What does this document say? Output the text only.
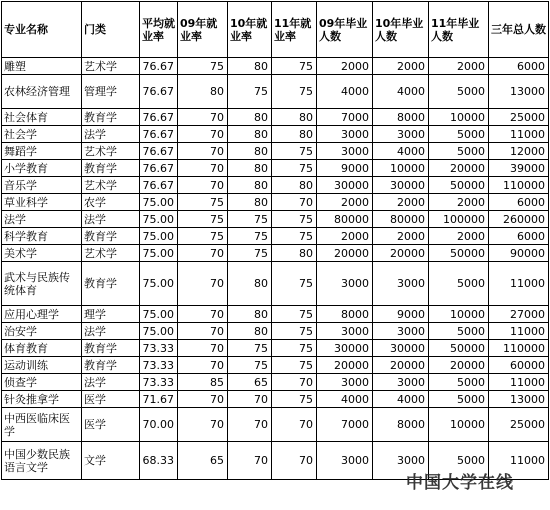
专业名称	门类	平均就业率	09年就业率	10年就业率	11年就业率	09年毕业人数	10年毕业人数	11年毕业人数	三年总人数
雕塑	艺术学	76.67	75	80	75	2000	2000	2000	6000
农林经济管理	管理学	76.67	80	75	75	4000	4000	5000	13000
社会体育	教育学	76.67	70	80	80	7000	8000	10000	25000
社会学	法学	76.67	70	80	80	3000	3000	5000	11000
舞蹈学	艺术学	76.67	70	80	75	3000	4000	5000	12000
小学教育	教育学	76.67	70	80	75	9000	10000	20000	39000
音乐学	艺术学	76.67	70	80	80	30000	30000	50000	110000
草业科学	农学	75.00	75	80	70	2000	2000	2000	6000
法学	法学	75.00	75	75	75	80000	80000	100000	260000
科学教育	教育学	75.00	75	75	75	2000	2000	2000	6000
美术学	艺术学	75.00	70	75	80	20000	20000	50000	90000
武术与民族传统体育	教育学	75.00	70	80	75	3000	3000	5000	11000
应用心理学	理学	75.00	70	80	75	8000	9000	10000	27000
治安学	法学	75.00	70	80	75	3000	3000	5000	11000
体育教育	教育学	73.33	70	75	75	30000	30000	50000	110000
运动训练	教育学	73.33	70	75	75	20000	20000	20000	60000
侦查学	法学	73.33	85	65	70	3000	3000	5000	11000
针灸推拿学	医学	71.67	70	70	75	4000	4000	5000	13000
中西医临床医学	医学	70.00	70	70	70	7000	8000	10000	25000
中国少数民族语言文学	文学	68.33	65	70	70	3000	3000	5000	11000
中国大学在线
